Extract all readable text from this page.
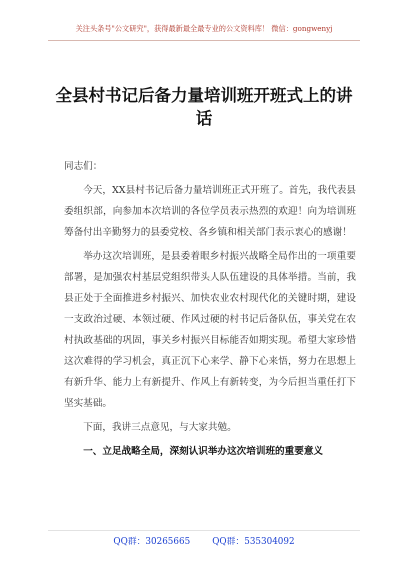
关注头条号"公文研究"，获得最新最全最专业的公文资料库！ 微信：gongwenyj
全县村书记后备力量培训班开班式上的讲话

同志们：

今天，XX县村书记后备力量培训班正式开班了。首先，我代表县委组织部，向参加本次培训的各位学员表示热烈的欢迎！向为培训班筹备付出辛勤努力的县委党校、各乡镇和相关部门表示衷心的感谢！

举办这次培训班，是县委着眼乡村振兴战略全局作出的一项重要部署，是加强农村基层党组织带头人队伍建设的具体举措。当前，我县正处于全面推进乡村振兴、加快农业农村现代化的关键时期，建设一支政治过硬、本领过硬、作风过硬的村书记后备队伍，事关党在农村执政基础的巩固，事关乡村振兴目标能否如期实现。希望大家珍惜这次难得的学习机会，真正沉下心来学、静下心来悟，努力在思想上有新升华、能力上有新提升、作风上有新转变，为今后担当重任打下坚实基础。

下面，我讲三点意见，与大家共勉。

一、立足战略全局，深刻认识举办这次培训班的重要意义

QQ群：30265665	QQ群：535304092
